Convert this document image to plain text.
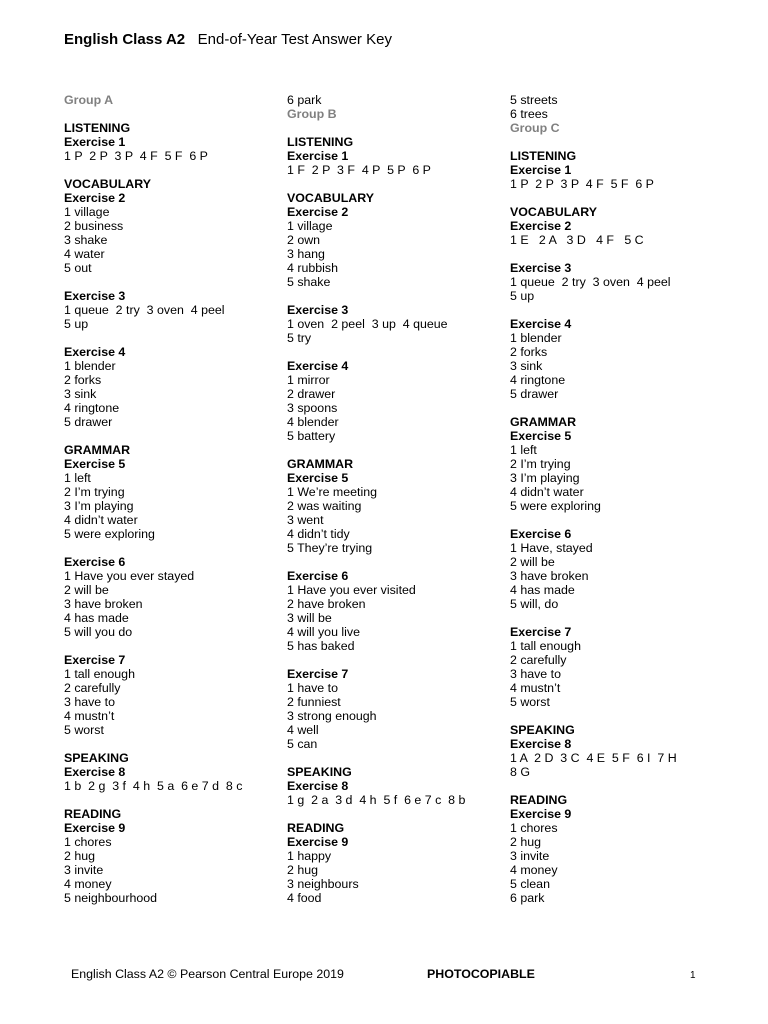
English Class A2 End-of-Year Test Answer Key
Group A
LISTENING
Exercise 1
1 P  2 P  3 P  4 F  5 F  6 P
VOCABULARY
Exercise 2
1 village
2 business
3 shake
4 water
5 out
Exercise 3
1 queue  2 try  3 oven  4 peel
5 up
Exercise 4
1 blender
2 forks
3 sink
4 ringtone
5 drawer
GRAMMAR
Exercise 5
1 left
2 I’m trying
3 I’m playing
4 didn’t water
5 were exploring
Exercise 6
1 Have you ever stayed
2 will be
3 have broken
4 has made
5 will you do
Exercise 7
1 tall enough
2 carefully
3 have to
4 mustn’t
5 worst
SPEAKING
Exercise 8
1 b  2 g  3 f  4 h  5 a  6 e 7 d  8 c
READING
Exercise 9
1 chores
2 hug
3 invite
4 money
5 neighbourhood
6 park
Group B
LISTENING
Exercise 1
1 F  2 P  3 F  4 P  5 P  6 P
VOCABULARY
Exercise 2
1 village
2 own
3 hang
4 rubbish
5 shake
Exercise 3
1 oven  2 peel  3 up  4 queue
5 try
Exercise 4
1 mirror
2 drawer
3 spoons
4 blender
5 battery
GRAMMAR
Exercise 5
1 We’re meeting
2 was waiting
3 went
4 didn’t tidy
5 They’re trying
Exercise 6
1 Have you ever visited
2 have broken
3 will be
4 will you live
5 has baked
Exercise 7
1 have to
2 funniest
3 strong enough
4 well
5 can
SPEAKING
Exercise 8
1 g  2 a  3 d  4 h  5 f  6 e 7 c  8 b
READING
Exercise 9
1 happy
2 hug
3 neighbours
4 food
5 streets
6 trees
Group C
LISTENING
Exercise 1
1 P  2 P  3 P  4 F  5 F  6 P
VOCABULARY
Exercise 2
1 E   2 A   3 D   4 F   5 C
Exercise 3
1 queue  2 try  3 oven  4 peel
5 up
Exercise 4
1 blender
2 forks
3 sink
4 ringtone
5 drawer
GRAMMAR
Exercise 5
1 left
2 I’m trying
3 I’m playing
4 didn’t water
5 were exploring
Exercise 6
1 Have, stayed
2 will be
3 have broken
4 has made
5 will, do
Exercise 7
1 tall enough
2 carefully
3 have to
4 mustn’t
5 worst
SPEAKING
Exercise 8
1 A  2 D  3 C  4 E  5 F  6 I  7 H
8 G
READING
Exercise 9
1 chores
2 hug
3 invite
4 money
5 clean
6 park
English Class A2 © Pearson Central Europe 2019	PHOTOCOPIABLE	1
